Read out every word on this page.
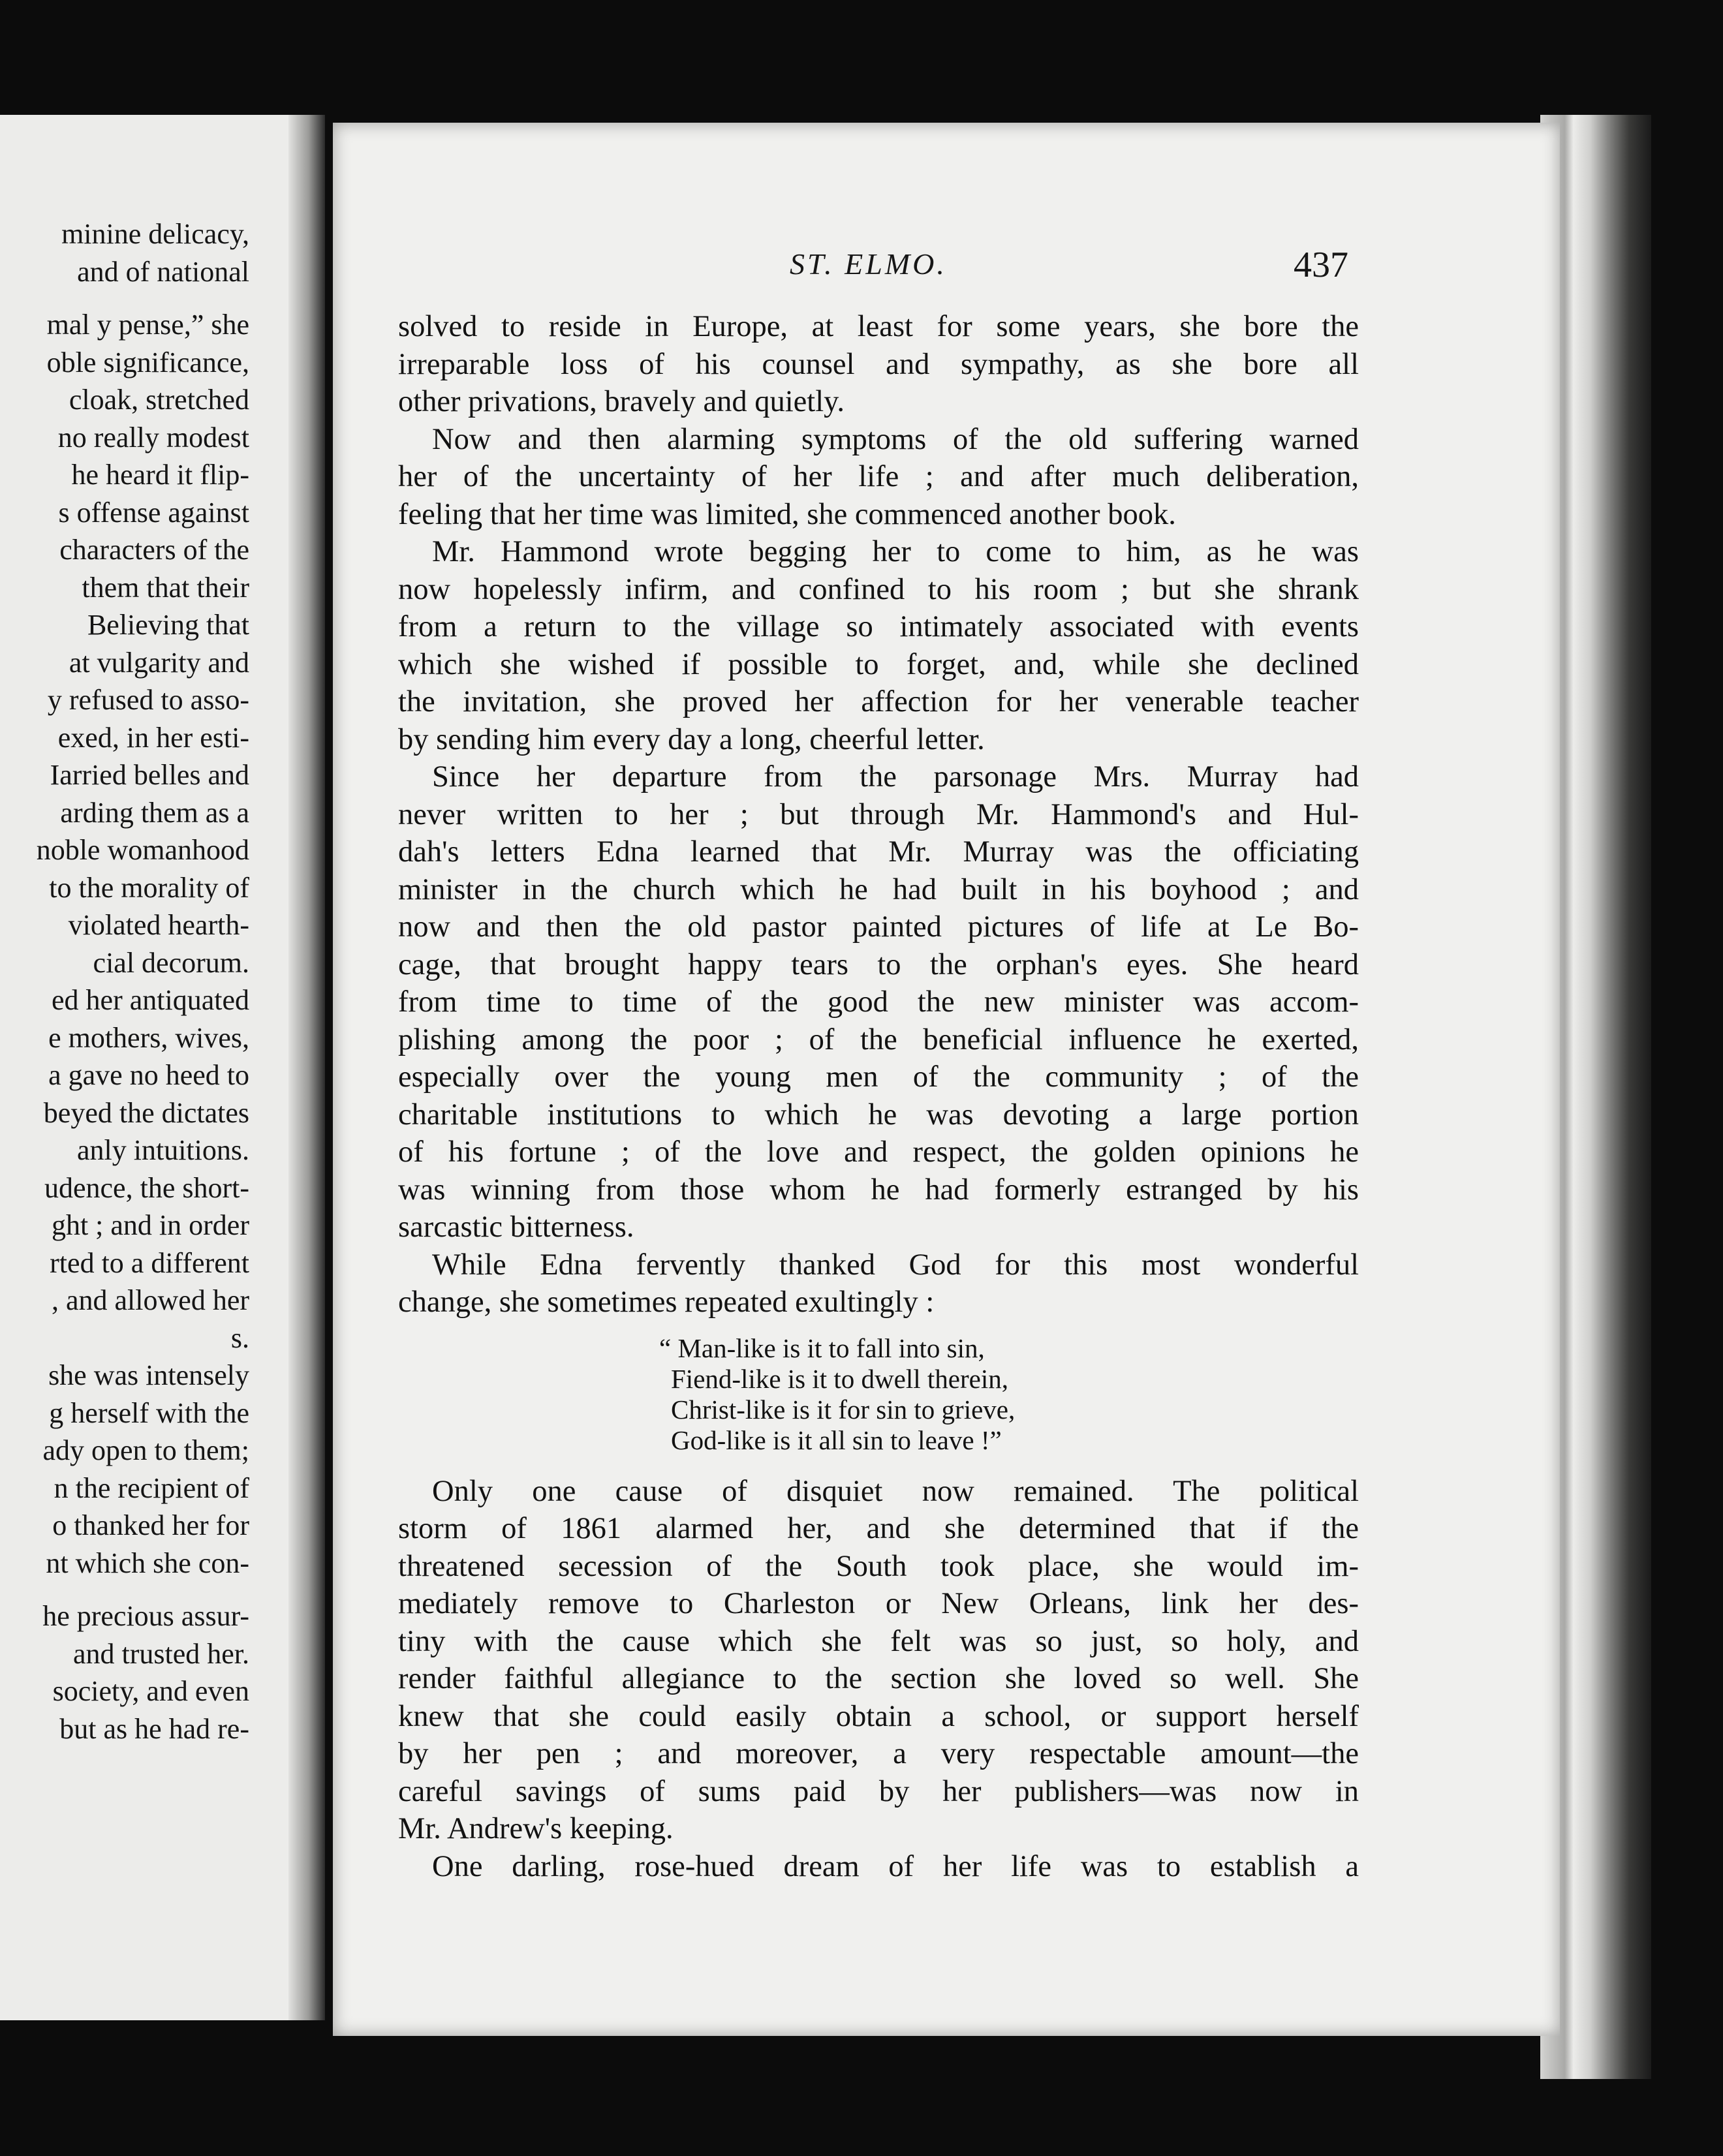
minine delicacy,
and of national
mal y pense,” she
oble significance,
cloak, stretched
no really modest
he heard it flip-
s offense against
characters of the
them that their
Believing that
at vulgarity and
y refused to asso-
exed, in her esti-
Iarried belles and
arding them as a
noble womanhood
to the morality of
violated hearth-
cial decorum.
ed her antiquated
e mothers, wives,
a gave no heed to
beyed the dictates
anly intuitions.
udence, the short-
ght ; and in order
rted to a different
, and allowed her
s.
she was intensely
g herself with the
ady open to them;
n the recipient of
o thanked her for
nt which she con-
he precious assur-
and trusted her.
society, and even
but as he had re-
ST. ELMO.	437
solved to reside in Europe, at least for some years, she bore the
irreparable loss of his counsel and sympathy, as she bore all
other privations, bravely and quietly.
Now and then alarming symptoms of the old suffering warned
her of the uncertainty of her life ; and after much deliberation,
feeling that her time was limited, she commenced another book.
Mr. Hammond wrote begging her to come to him, as he was
now hopelessly infirm, and confined to his room ; but she shrank
from a return to the village so intimately associated with events
which she wished if possible to forget, and, while she declined
the invitation, she proved her affection for her venerable teacher
by sending him every day a long, cheerful letter.
Since her departure from the parsonage Mrs. Murray had
never written to her ; but through Mr. Hammond's and Hul-
dah's letters Edna learned that Mr. Murray was the officiating
minister in the church which he had built in his boyhood ; and
now and then the old pastor painted pictures of life at Le Bo-
cage, that brought happy tears to the orphan's eyes. She heard
from time to time of the good the new minister was accom-
plishing among the poor ; of the beneficial influence he exerted,
especially over the young men of the community ; of the
charitable institutions to which he was devoting a large portion
of his fortune ; of the love and respect, the golden opinions he
was winning from those whom he had formerly estranged by his
sarcastic bitterness.
While Edna fervently thanked God for this most wonderful
change, she sometimes repeated exultingly :
“ Man-like is it to fall into sin,
Fiend-like is it to dwell therein,
Christ-like is it for sin to grieve,
God-like is it all sin to leave !”
Only one cause of disquiet now remained. The political
storm of 1861 alarmed her, and she determined that if the
threatened secession of the South took place, she would im-
mediately remove to Charleston or New Orleans, link her des-
tiny with the cause which she felt was so just, so holy, and
render faithful allegiance to the section she loved so well. She
knew that she could easily obtain a school, or support herself
by her pen ; and moreover, a very respectable amount—the
careful savings of sums paid by her publishers—was now in
Mr. Andrew's keeping.
One darling, rose-hued dream of her life was to establish a
